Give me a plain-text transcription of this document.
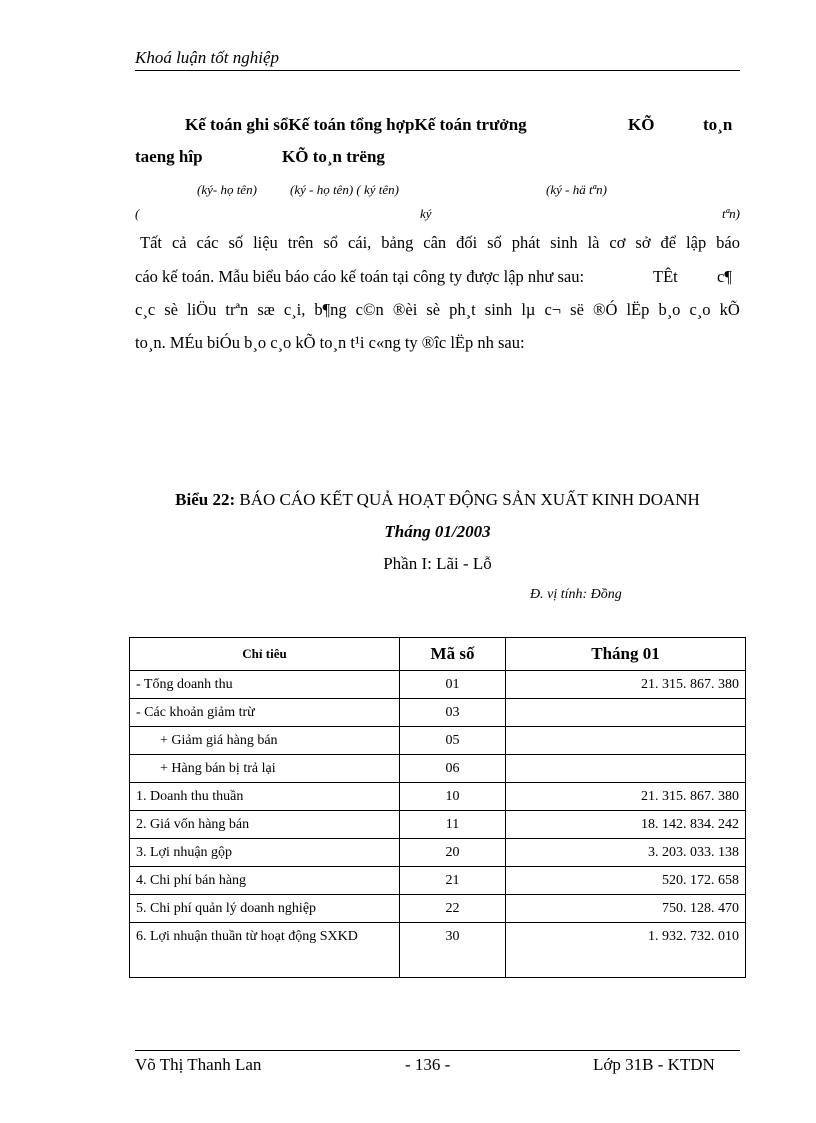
Khoá luận tốt nghiệp
Kế toán ghi sổKế toán tổng hợpKế toán trưởng	KÕ	to¸n
taeng hîp	KÕ to¸n trëng
(ký- họ tên)	(ký - họ tên) ( ký tên)	(ký - hä tªn)
(	ký	tªn)
Tất cả các số liệu trên sổ cái, bảng cân đối số phát sinh là cơ sở để lập báo
cáo kế toán. Mẫu biểu báo cáo kế toán tại công ty được lập như sau:	TÊt c¶
c¸c sè liÖu trªn sæ c¸i, b¶ng c©n ®èi sè ph¸t sinh lµ c¬ së ®Ó lËp b¸o c¸o kÕ
to¸n. MÉu biÓu b¸o c¸o kÕ to¸n t¹i c«ng ty ®îc lËp nh sau:
Biểu 22: BÁO CÁO KẾT QUẢ HOẠT ĐỘNG SẢN XUẤT KINH DOANH
Tháng 01/2003
Phần I: Lãi - Lỗ
Đ. vị tính: Đồng
Chỉ tiêu	Mã số	Tháng 01
- Tổng doanh thu	01	21. 315. 867. 380
- Các khoản giảm trừ	03	
+ Giảm giá hàng bán	05	
+ Hàng bán bị trả lại	06	
1. Doanh thu thuần	10	21. 315. 867. 380
2. Giá vốn hàng bán	11	18. 142. 834. 242
3. Lợi nhuận gộp	20	3. 203. 033. 138
4. Chi phí bán hàng	21	520. 172. 658
5. Chi phí quản lý doanh nghiệp	22	750. 128. 470
6. Lợi nhuận thuần từ hoạt động SXKD	30	1. 932. 732. 010
Võ Thị Thanh Lan	- 136 -	Lớp 31B - KTDN
